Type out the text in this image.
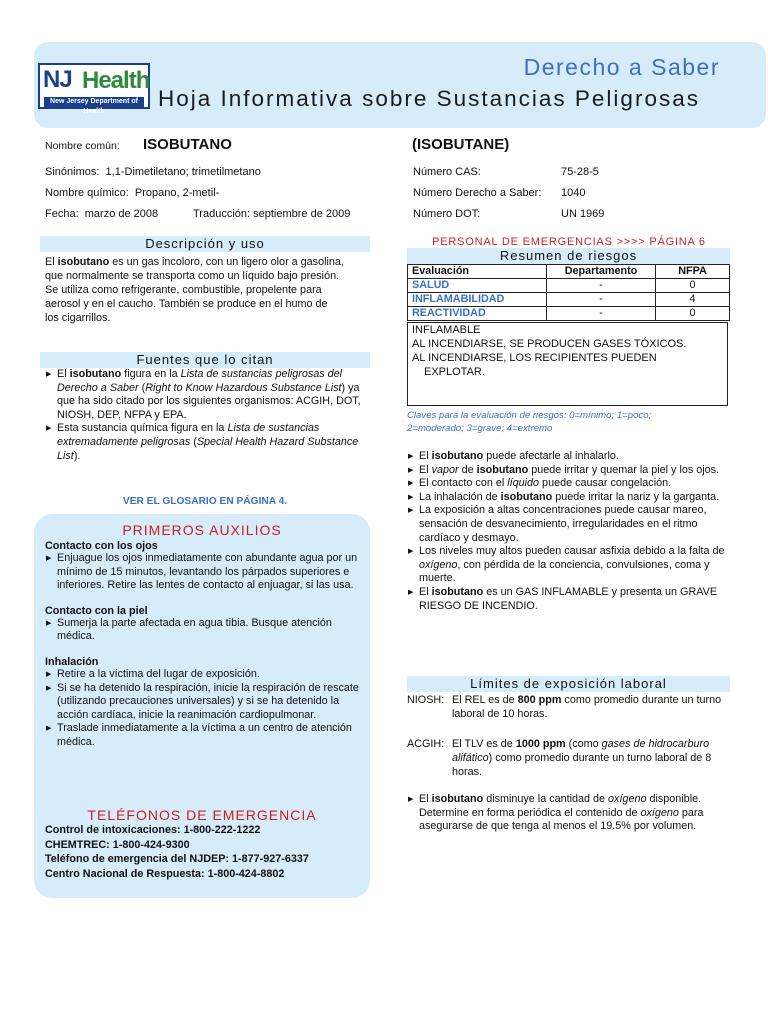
NJ Health
New Jersey Department of Health
Derecho a Saber
Hoja Informativa sobre Sustancias Peligrosas
Nombre común: ISOBUTANO	(ISOBUTANE)
Sinónimos: 1,1-Dimetiletano; trimetilmetano
Nombre químico: Propano, 2-metil-
Fecha: marzo de 2008	Traducción: septiembre de 2009
Número CAS:	75-28-5
Número Derecho a Saber: 1040
Número DOT:	UN 1969
Descripción y uso
El isobutano es un gas incoloro, con un ligero olor a gasolina,
que normalmente se transporta como un líquido bajo presión.
Se utiliza como refrigerante, combustible, propelente para
aerosol y en el caucho. También se produce en el humo de
los cigarrillos.
Fuentes que lo citan
▶ El isobutano figura en la Lista de sustancias peligrosas del Derecho a Saber (Right to Know Hazardous Substance List) ya que ha sido citado por los siguientes organismos: ACGIH, DOT, NIOSH, DEP, NFPA y EPA.
▶ Esta sustancia química figura en la Lista de sustancias extremadamente peligrosas (Special Health Hazard Substance List).
VER EL GLOSARIO EN PÁGINA 4.
PRIMEROS AUXILIOS
Contacto con los ojos
▶ Enjuague los ojos inmediatamente con abundante agua por un mínimo de 15 minutos, levantando los párpados superiores e inferiores. Retire las lentes de contacto al enjuagar, si las usa.
Contacto con la piel
▶ Sumerja la parte afectada en agua tibia. Busque atención médica.
Inhalación
▶ Retire a la víctima del lugar de exposición.
▶ Si se ha detenido la respiración, inicie la respiración de rescate (utilizando precauciones universales) y si se ha detenido la acción cardíaca, inicie la reanimación cardiopulmonar.
▶ Traslade inmediatamente a la víctima a un centro de atención médica.
TELÉFONOS DE EMERGENCIA
Control de intoxicaciones: 1-800-222-1222
CHEMTREC: 1-800-424-9300
Teléfono de emergencia del NJDEP: 1-877-927-6337
Centro Nacional de Respuesta: 1-800-424-8802
PERSONAL DE EMERGENCIAS >>>> PÁGINA 6
Resumen de riesgos
Evaluación	Departamento	NFPA
SALUD	-	0
INFLAMABILIDAD	-	4
REACTIVIDAD	-	0
INFLAMABLE
AL INCENDIARSE, SE PRODUCEN GASES TÓXICOS.
AL INCENDIARSE, LOS RECIPIENTES PUEDEN
EXPLOTAR.
Claves para la evaluación de riesgos: 0=mínimo; 1=poco;
2=moderado; 3=grave; 4=extremo
▶ El isobutano puede afectarle al inhalarlo.
▶ El vapor de isobutano puede irritar y quemar la piel y los ojos.
▶ El contacto con el líquido puede causar congelación.
▶ La inhalación de isobutano puede irritar la nariz y la garganta.
▶ La exposición a altas concentraciones puede causar mareo, sensación de desvanecimiento, irregularidades en el ritmo cardíaco y desmayo.
▶ Los niveles muy altos pueden causar asfixia debido a la falta de oxígeno, con pérdida de la conciencia, convulsiones, coma y muerte.
▶ El isobutano es un GAS INFLAMABLE y presenta un GRAVE RIESGO DE INCENDIO.
Límites de exposición laboral
NIOSH: El REL es de 800 ppm como promedio durante un turno laboral de 10 horas.
ACGIH: El TLV es de 1000 ppm (como gases de hidrocarburo alifático) como promedio durante un turno laboral de 8 horas.
▶ El isobutano disminuye la cantidad de oxígeno disponible. Determine en forma periódica el contenido de oxígeno para asegurarse de que tenga al menos el 19.5% por volumen.
